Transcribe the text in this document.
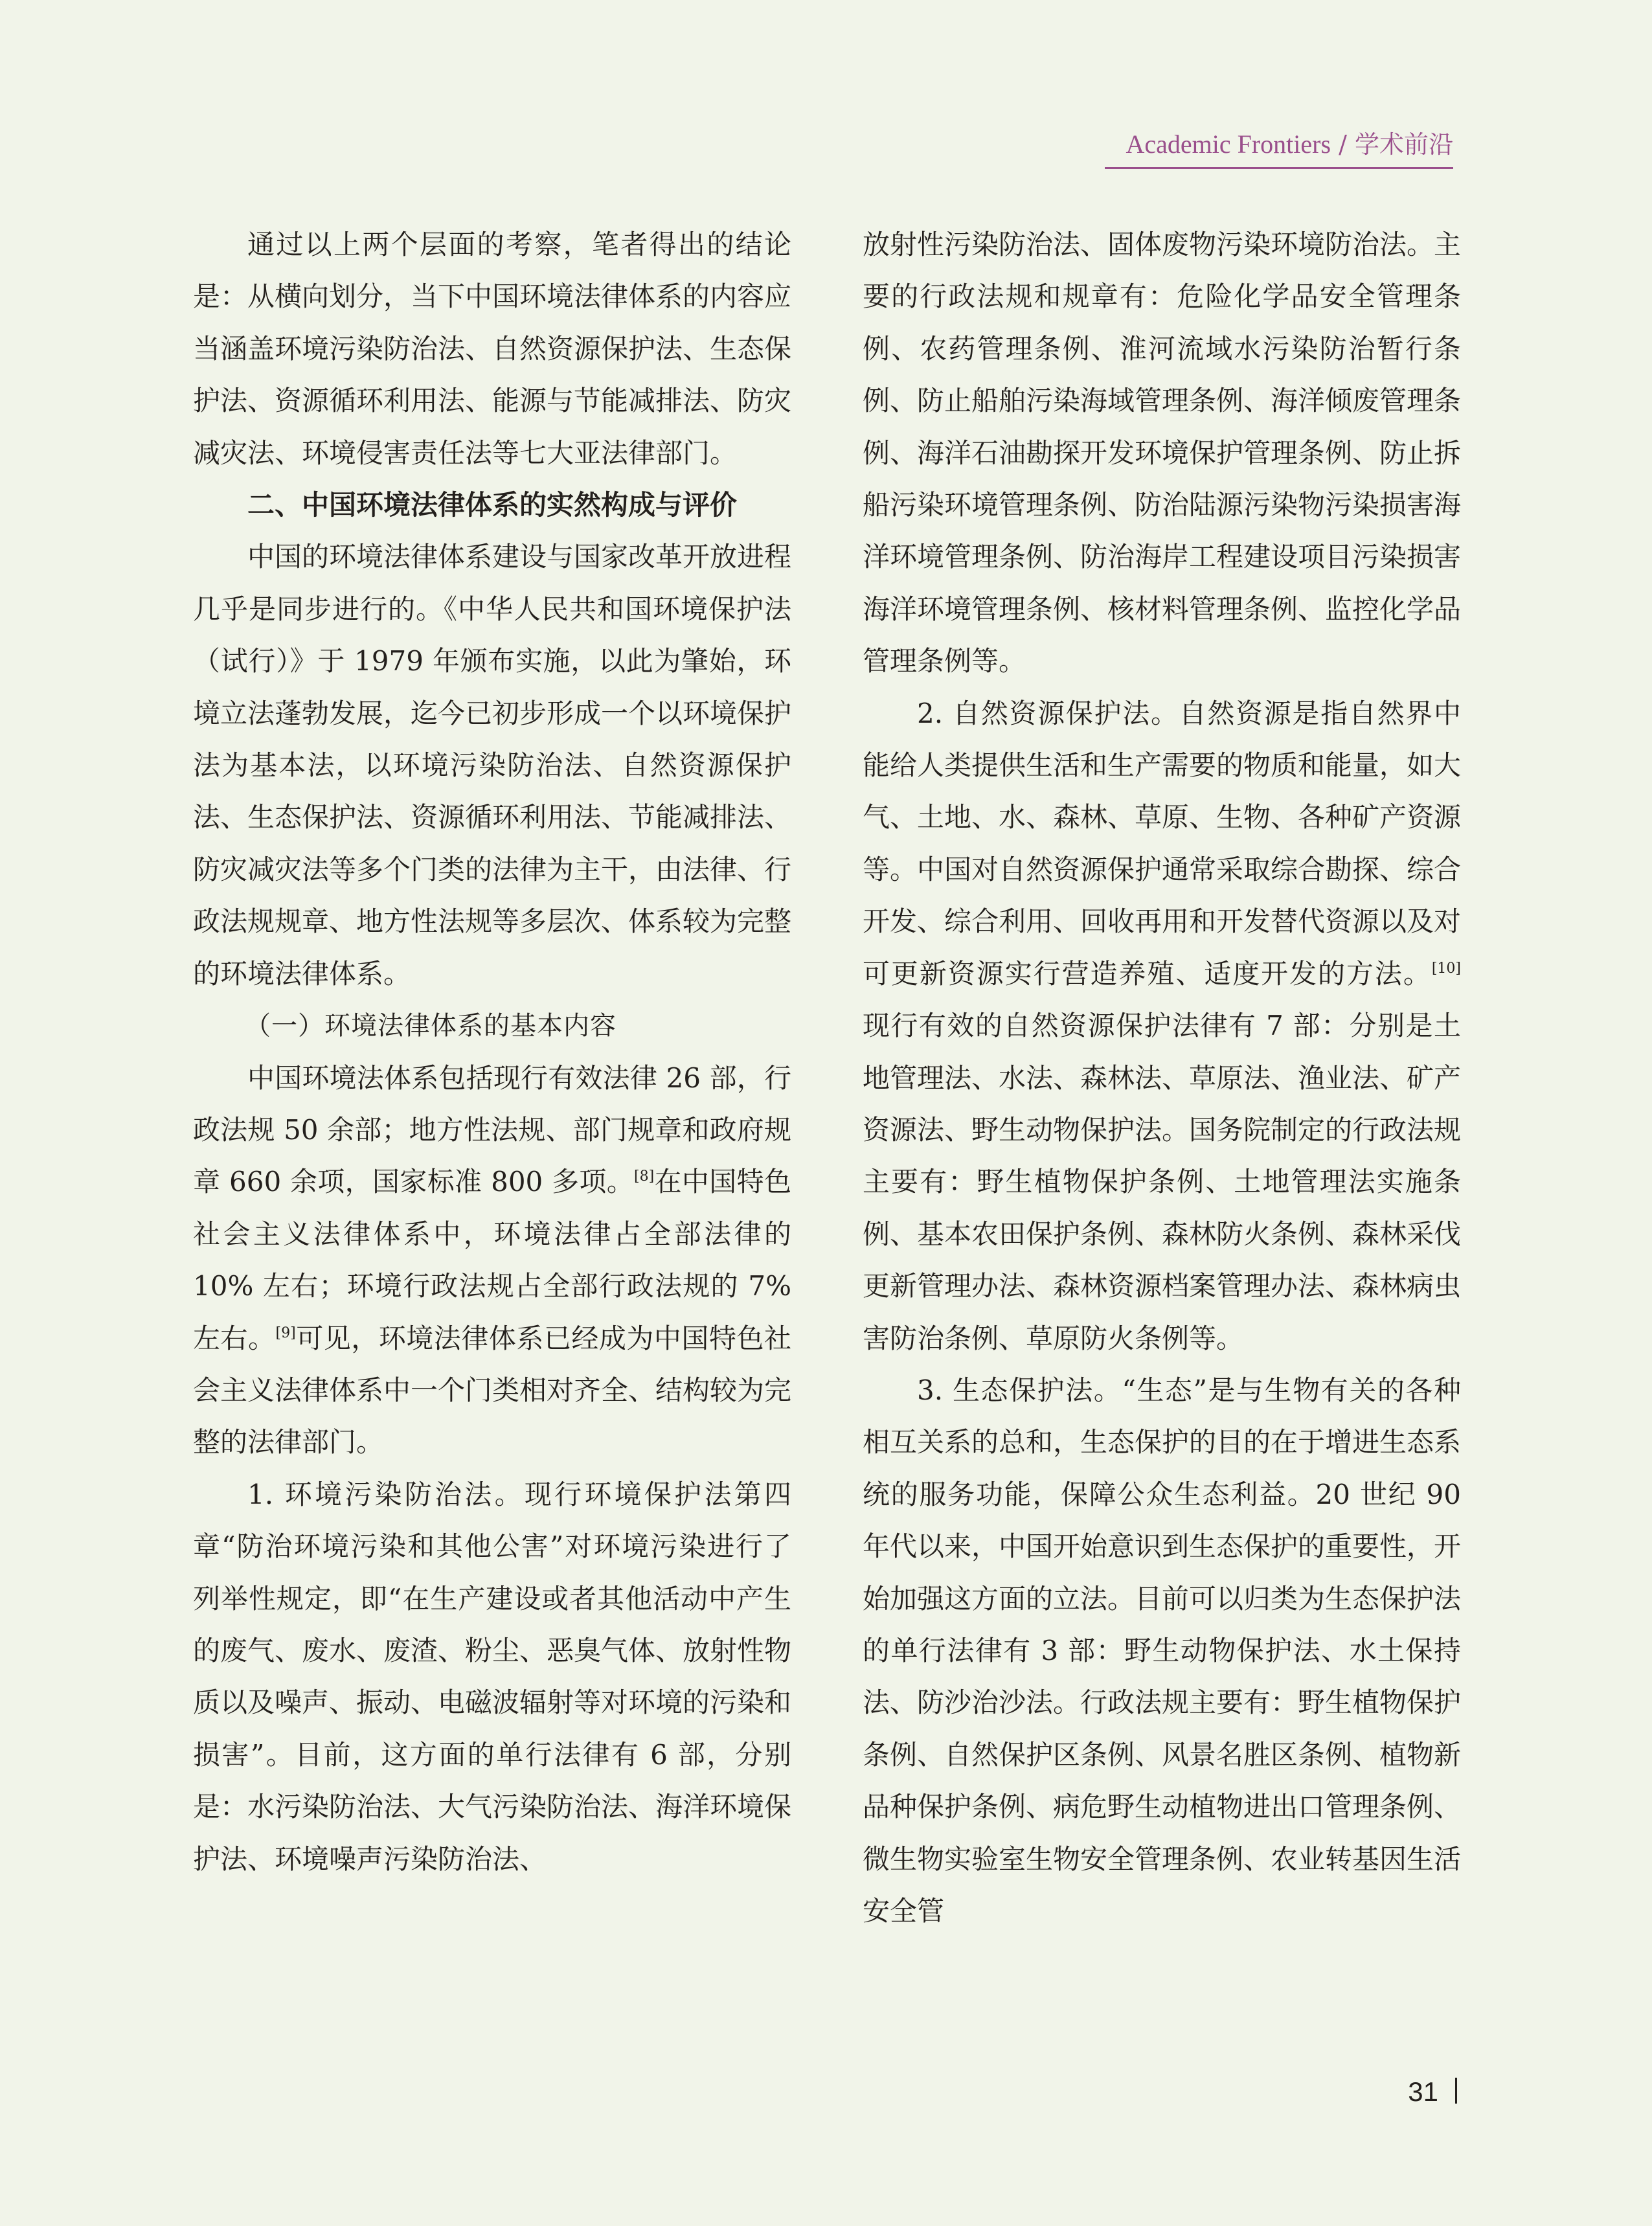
Academic Frontiers / 学术前沿

通过以上两个层面的考察，笔者得出的结论是：从横向划分，当下中国环境法律体系的内容应当涵盖环境污染防治法、自然资源保护法、生态保护法、资源循环利用法、能源与节能减排法、防灾减灾法、环境侵害责任法等七大亚法律部门。

二、中国环境法律体系的实然构成与评价

中国的环境法律体系建设与国家改革开放进程几乎是同步进行的。《中华人民共和国环境保护法（试行）》于 1979 年颁布实施，以此为肇始，环境立法蓬勃发展，迄今已初步形成一个以环境保护法为基本法，以环境污染防治法、自然资源保护法、生态保护法、资源循环利用法、节能减排法、防灾减灾法等多个门类的法律为主干，由法律、行政法规规章、地方性法规等多层次、体系较为完整的环境法律体系。

（一）环境法律体系的基本内容

中国环境法体系包括现行有效法律 26 部，行政法规 50 余部；地方性法规、部门规章和政府规章 660 余项，国家标准 800 多项。[8]在中国特色社会主义法律体系中，环境法律占全部法律的 10% 左右；环境行政法规占全部行政法规的 7% 左右。[9]可见，环境法律体系已经成为中国特色社会主义法律体系中一个门类相对齐全、结构较为完整的法律部门。

1. 环境污染防治法。现行环境保护法第四章“防治环境污染和其他公害”对环境污染进行了列举性规定，即“在生产建设或者其他活动中产生的废气、废水、废渣、粉尘、恶臭气体、放射性物质以及噪声、振动、电磁波辐射等对环境的污染和损害”。目前，这方面的单行法律有 6 部，分别是：水污染防治法、大气污染防治法、海洋环境保护法、环境噪声污染防治法、

放射性污染防治法、固体废物污染环境防治法。主要的行政法规和规章有：危险化学品安全管理条例、农药管理条例、淮河流域水污染防治暂行条例、防止船舶污染海域管理条例、海洋倾废管理条例、海洋石油勘探开发环境保护管理条例、防止拆船污染环境管理条例、防治陆源污染物污染损害海洋环境管理条例、防治海岸工程建设项目污染损害海洋环境管理条例、核材料管理条例、监控化学品管理条例等。

2. 自然资源保护法。自然资源是指自然界中能给人类提供生活和生产需要的物质和能量，如大气、土地、水、森林、草原、生物、各种矿产资源等。中国对自然资源保护通常采取综合勘探、综合开发、综合利用、回收再用和开发替代资源以及对可更新资源实行营造养殖、适度开发的方法。[10]现行有效的自然资源保护法律有 7 部：分别是土地管理法、水法、森林法、草原法、渔业法、矿产资源法、野生动物保护法。国务院制定的行政法规主要有：野生植物保护条例、土地管理法实施条例、基本农田保护条例、森林防火条例、森林采伐更新管理办法、森林资源档案管理办法、森林病虫害防治条例、草原防火条例等。

3. 生态保护法。“生态”是与生物有关的各种相互关系的总和，生态保护的目的在于增进生态系统的服务功能，保障公众生态利益。20 世纪 90 年代以来，中国开始意识到生态保护的重要性，开始加强这方面的立法。目前可以归类为生态保护法的单行法律有 3 部：野生动物保护法、水土保持法、防沙治沙法。行政法规主要有：野生植物保护条例、自然保护区条例、风景名胜区条例、植物新品种保护条例、病危野生动植物进出口管理条例、微生物实验室生物安全管理条例、农业转基因生活安全管

31
